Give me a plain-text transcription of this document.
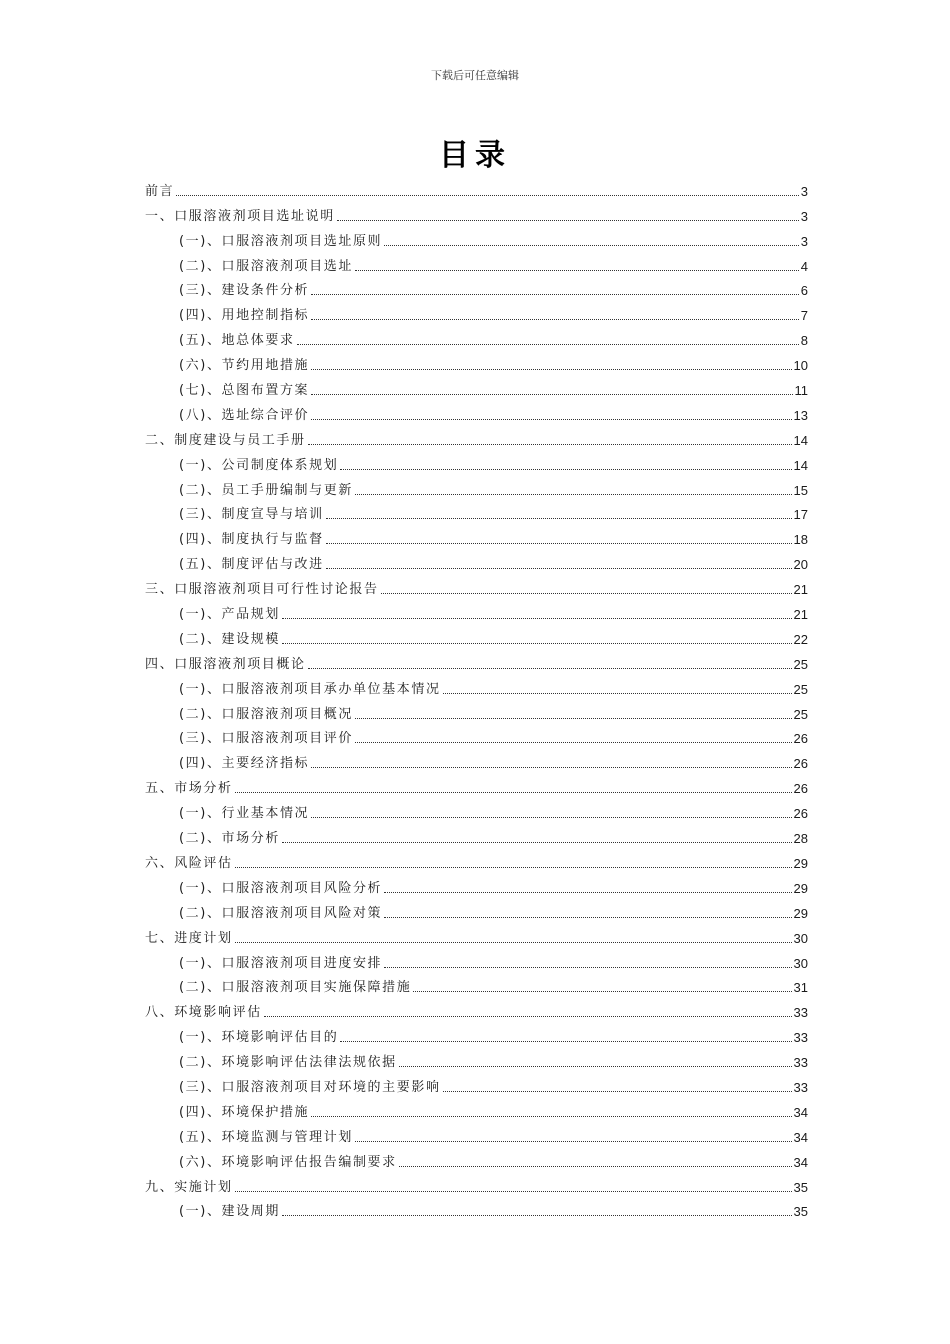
下载后可任意编辑
目录
前言	3
一、口服溶液剂项目选址说明	3
(一)、口服溶液剂项目选址原则	3
(二)、口服溶液剂项目选址	4
(三)、建设条件分析	6
(四)、用地控制指标	7
(五)、地总体要求	8
(六)、节约用地措施	10
(七)、总图布置方案	11
(八)、选址综合评价	13
二、制度建设与员工手册	14
(一)、公司制度体系规划	14
(二)、员工手册编制与更新	15
(三)、制度宣导与培训	17
(四)、制度执行与监督	18
(五)、制度评估与改进	20
三、口服溶液剂项目可行性讨论报告	21
(一)、产品规划	21
(二)、建设规模	22
四、口服溶液剂项目概论	25
(一)、口服溶液剂项目承办单位基本情况	25
(二)、口服溶液剂项目概况	25
(三)、口服溶液剂项目评价	26
(四)、主要经济指标	26
五、市场分析	26
(一)、行业基本情况	26
(二)、市场分析	28
六、风险评估	29
(一)、口服溶液剂项目风险分析	29
(二)、口服溶液剂项目风险对策	29
七、进度计划	30
(一)、口服溶液剂项目进度安排	30
(二)、口服溶液剂项目实施保障措施	31
八、环境影响评估	33
(一)、环境影响评估目的	33
(二)、环境影响评估法律法规依据	33
(三)、口服溶液剂项目对环境的主要影响	33
(四)、环境保护措施	34
(五)、环境监测与管理计划	34
(六)、环境影响评估报告编制要求	34
九、实施计划	35
(一)、建设周期	35
